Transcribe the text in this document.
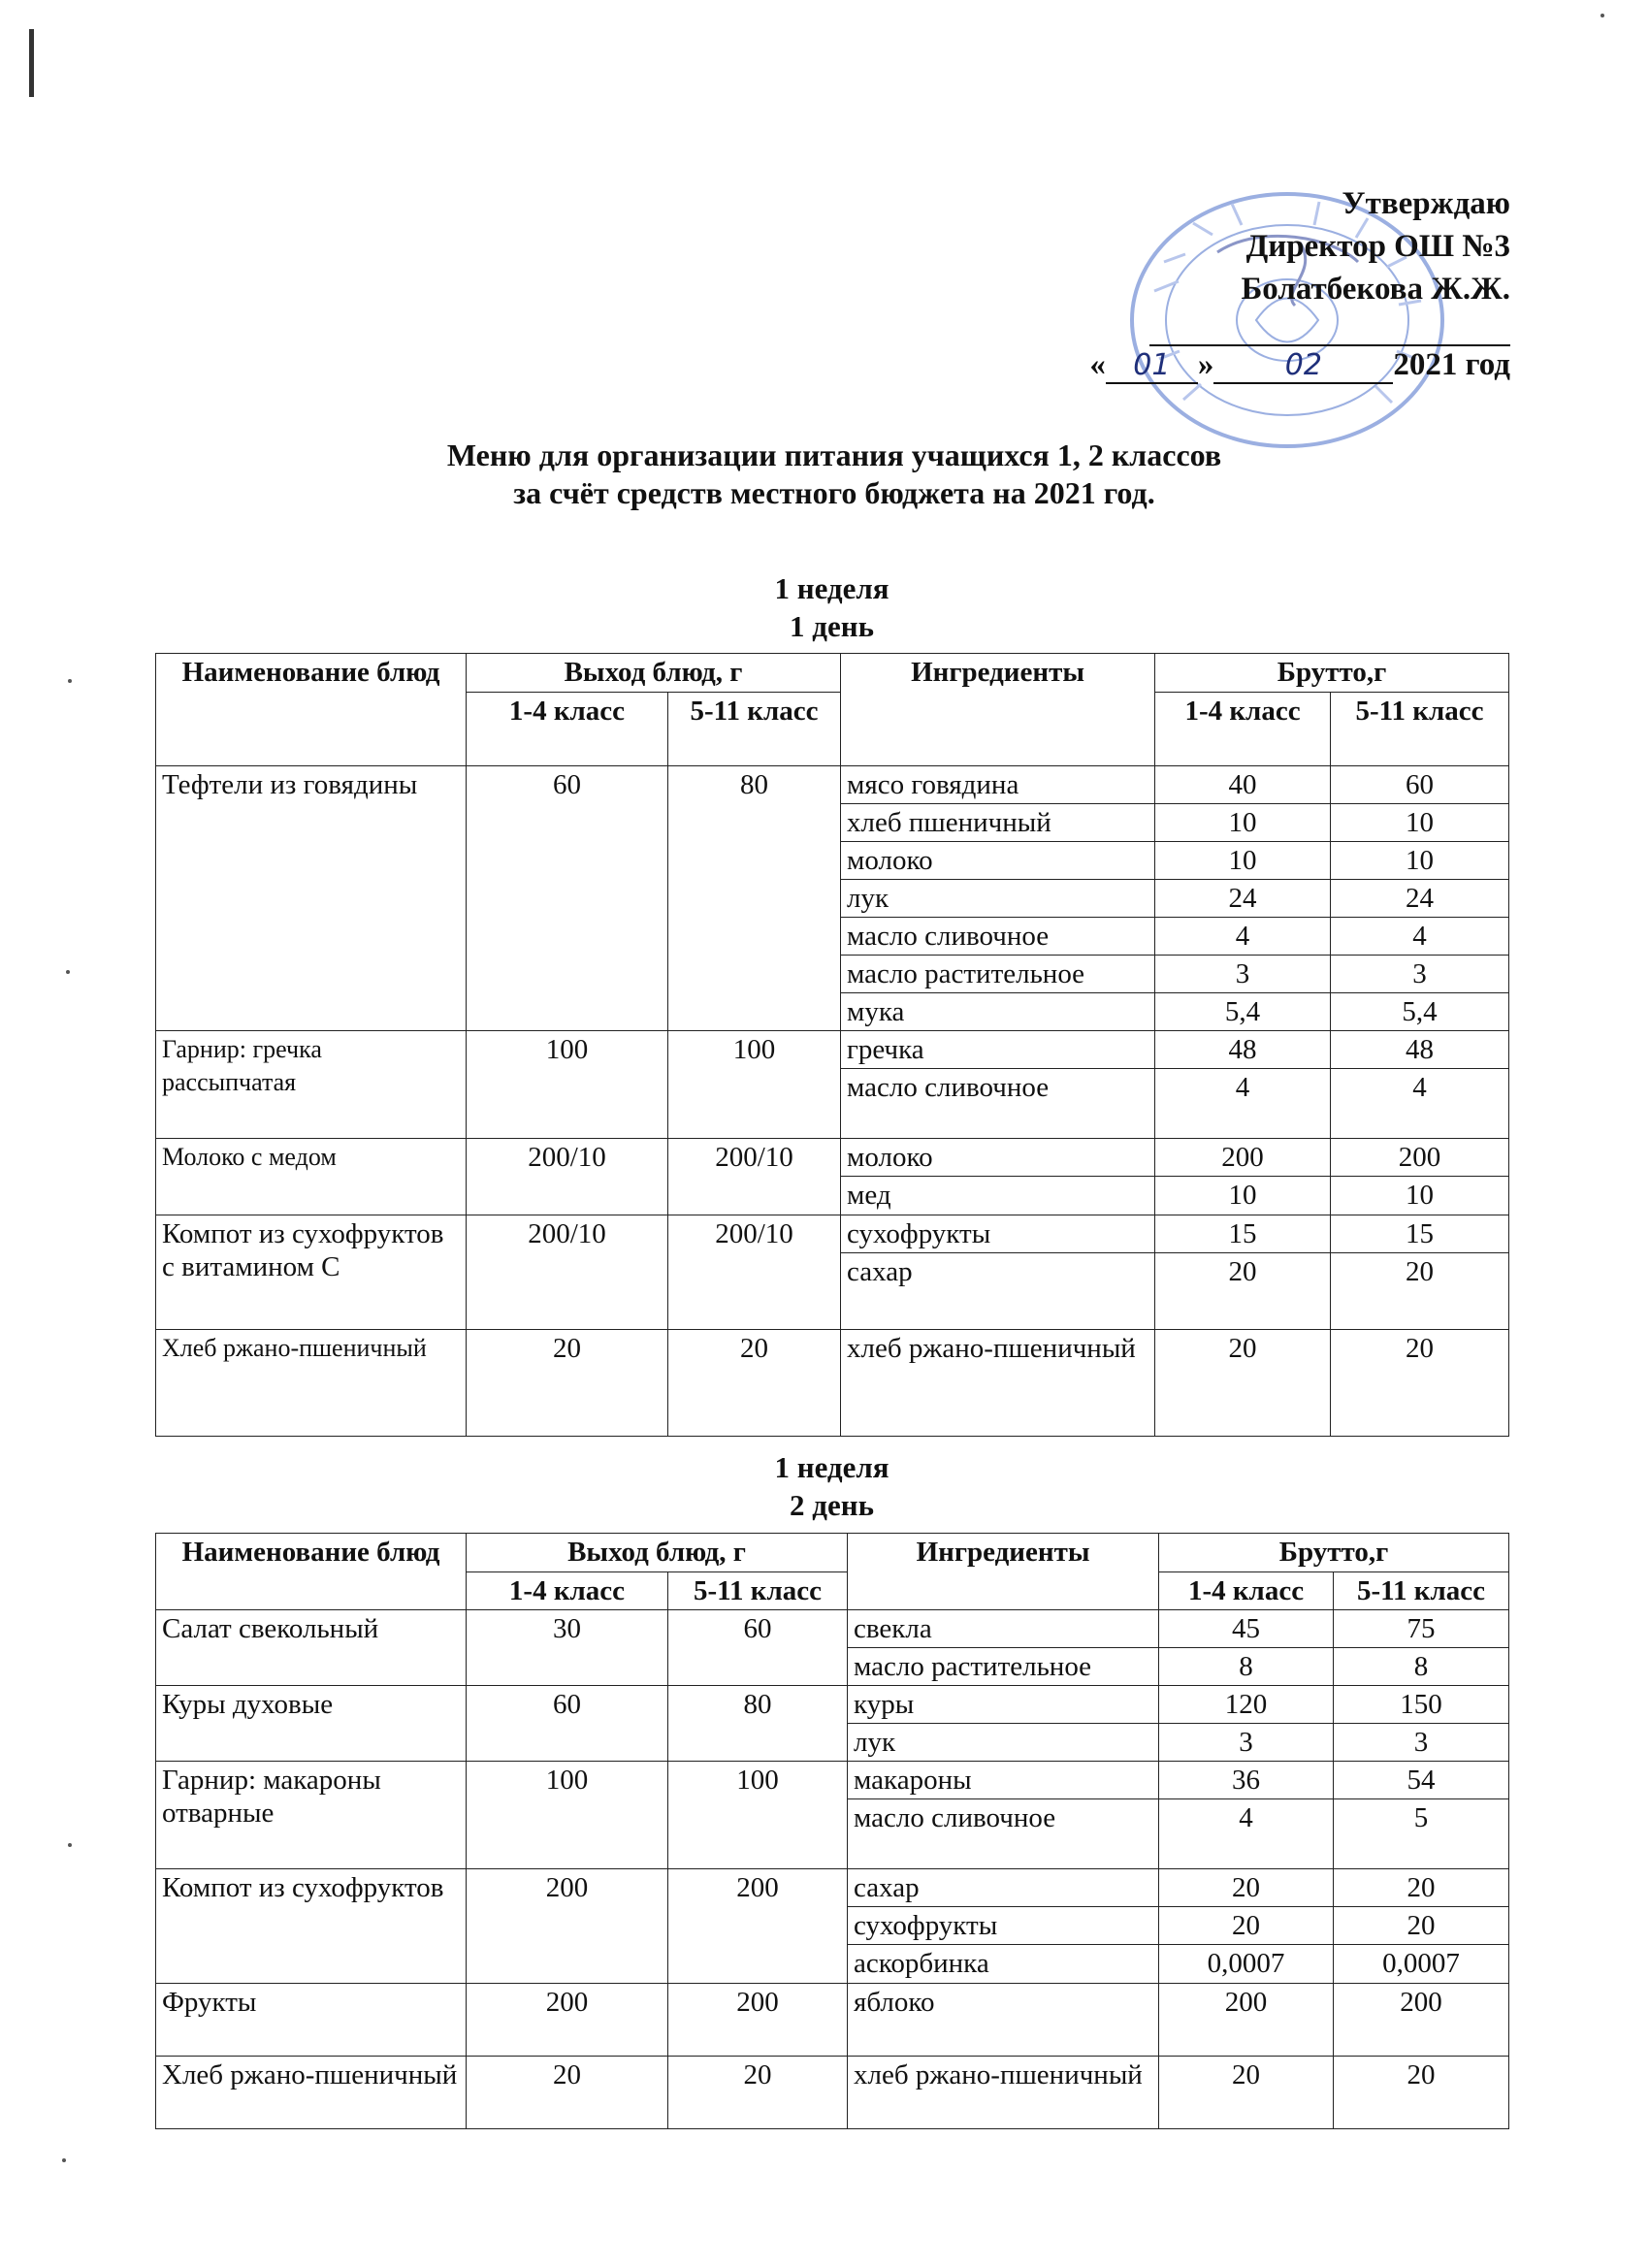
Утверждаю
Директор ОШ №3
Болатбекова Ж.Ж.
« 01 »	02	2021 год
Меню для организации питания учащихся 1, 2 классов
за счёт средств местного бюджета на 2021 год.
1 неделя
1 день
Наименование блюд	Выход блюд, г		Ингредиенты	Брутто,г	
	1-4 класс	5-11 класс		1-4 класс	5-11 класс
Тефтели из говядины	60	80	мясо говядина	40	60
			хлеб пшеничный	10	10
			молоко	10	10
			лук	24	24
			масло сливочное	4	4
			масло растительное	3	3
			мука	5,4	5,4
Гарнир: гречка рассыпчатая	100	100	гречка	48	48
			масло сливочное	4	4
Молоко с медом	200/10	200/10	молоко	200	200
			мед	10	10
Компот из сухофруктов с витамином С	200/10	200/10	сухофрукты	15	15
			сахар	20	20
Хлеб ржано-пшеничный	20	20	хлеб ржано-пшеничный	20	20
1 неделя
2 день
Наименование блюд	Выход блюд, г		Ингредиенты	Брутто,г	
	1-4 класс	5-11 класс		1-4 класс	5-11 класс
Салат свекольный	30	60	свекла	45	75
			масло растительное	8	8
Куры духовые	60	80	куры	120	150
			лук	3	3
Гарнир: макароны отварные	100	100	макароны	36	54
			масло сливочное	4	5
Компот из сухофруктов	200	200	сахар	20	20
			сухофрукты	20	20
			аскорбинка	0,0007	0,0007
Фрукты	200	200	яблоко	200	200
Хлеб ржано-пшеничный	20	20	хлеб ржано-пшеничный	20	20
